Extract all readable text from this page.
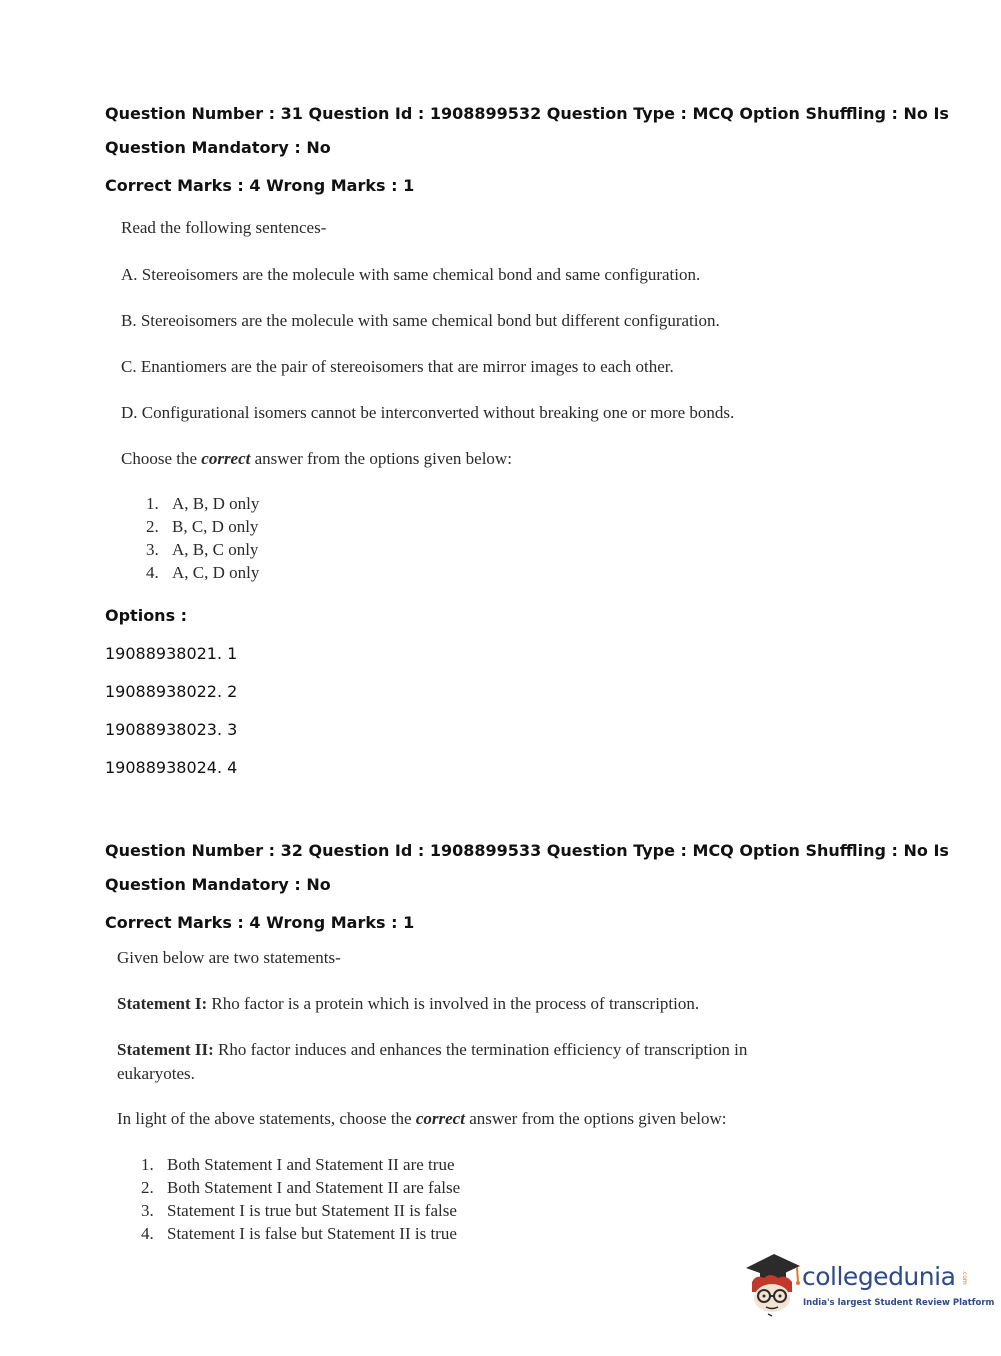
Question Number : 31 Question Id : 1908899532 Question Type : MCQ Option Shuffling : No Is

Question Mandatory : No

Correct Marks : 4 Wrong Marks : 1

Read the following sentences-

A. Stereoisomers are the molecule with same chemical bond and same configuration.

B. Stereoisomers are the molecule with same chemical bond but different configuration.

C. Enantiomers are the pair of stereoisomers that are mirror images to each other.

D. Configurational isomers cannot be interconverted without breaking one or more bonds.

Choose the correct answer from the options given below:

1. A, B, D only

2. B, C, D only

3. A, B, C only

4. A, C, D only

Options :

19088938021. 1

19088938022. 2

19088938023. 3

19088938024. 4

Question Number : 32 Question Id : 1908899533 Question Type : MCQ Option Shuffling : No Is

Question Mandatory : No

Correct Marks : 4 Wrong Marks : 1

Given below are two statements-

Statement I: Rho factor is a protein which is involved in the process of transcription.

Statement II: Rho factor induces and enhances the termination efficiency of transcription in

eukaryotes.

In light of the above statements, choose the correct answer from the options given below:

1. Both Statement I and Statement II are true

2. Both Statement I and Statement II are false

3. Statement I is true but Statement II is false

4. Statement I is false but Statement II is true

collegedunia .com
India's largest Student Review Platform
